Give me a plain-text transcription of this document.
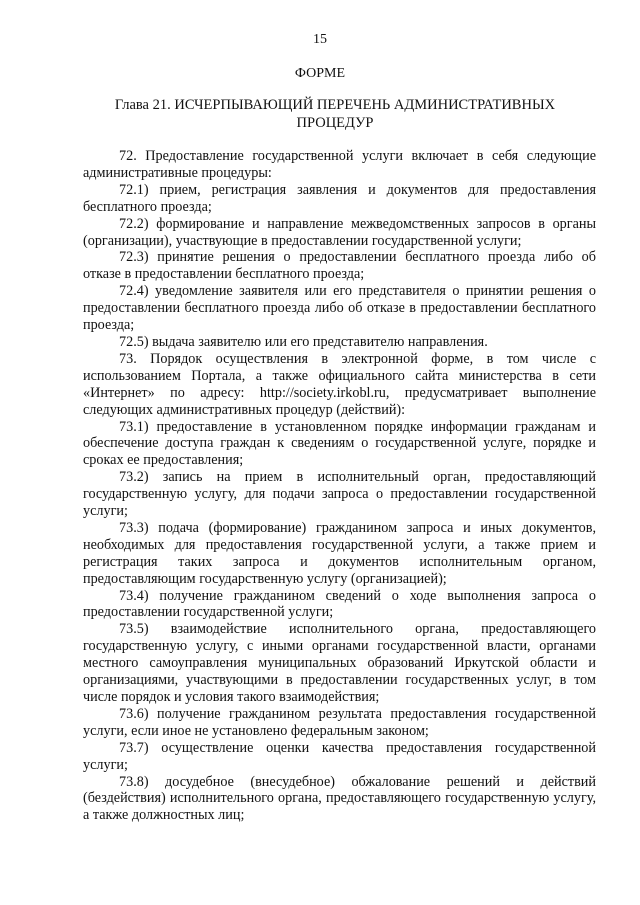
15
ФОРМЕ
Глава 21. ИСЧЕРПЫВАЮЩИЙ ПЕРЕЧЕНЬ АДМИНИСТРАТИВНЫХ ПРОЦЕДУР

72. Предоставление государственной услуги включает в себя следующие административные процедуры:

72.1) прием, регистрация заявления и документов для предоставления бесплатного проезда;

72.2) формирование и направление межведомственных запросов в органы (организации), участвующие в предоставлении государственной услуги;

72.3) принятие решения о предоставлении бесплатного проезда либо об отказе в предоставлении бесплатного проезда;

72.4) уведомление заявителя или его представителя о принятии решения о предоставлении бесплатного проезда либо об отказе в предоставлении бесплатного проезда;

72.5) выдача заявителю или его представителю направления.

73. Порядок осуществления в электронной форме, в том числе с использованием Портала, а также официального сайта министерства в сети «Интернет» по адресу: http://society.irkobl.ru, предусматривает выполнение следующих административных процедур (действий):

73.1) предоставление в установленном порядке информации гражданам и обеспечение доступа граждан к сведениям о государственной услуге, порядке и сроках ее предоставления;

73.2) запись на прием в исполнительный орган, предоставляющий государственную услугу, для подачи запроса о предоставлении государственной услуги;

73.3) подача (формирование) гражданином запроса и иных документов, необходимых для предоставления государственной услуги, а также прием и регистрация таких запроса и документов исполнительным органом, предоставляющим государственную услугу (организацией);

73.4) получение гражданином сведений о ходе выполнения запроса о предоставлении государственной услуги;

73.5) взаимодействие исполнительного органа, предоставляющего государственную услугу, с иными органами государственной власти, органами местного самоуправления муниципальных образований Иркутской области и организациями, участвующими в предоставлении государственных услуг, в том числе порядок и условия такого взаимодействия;

73.6) получение гражданином результата предоставления государственной услуги, если иное не установлено федеральным законом;

73.7) осуществление оценки качества предоставления государственной услуги;

73.8) досудебное (внесудебное) обжалование решений и действий (бездействия) исполнительного органа, предоставляющего государственную услугу, а также должностных лиц;
